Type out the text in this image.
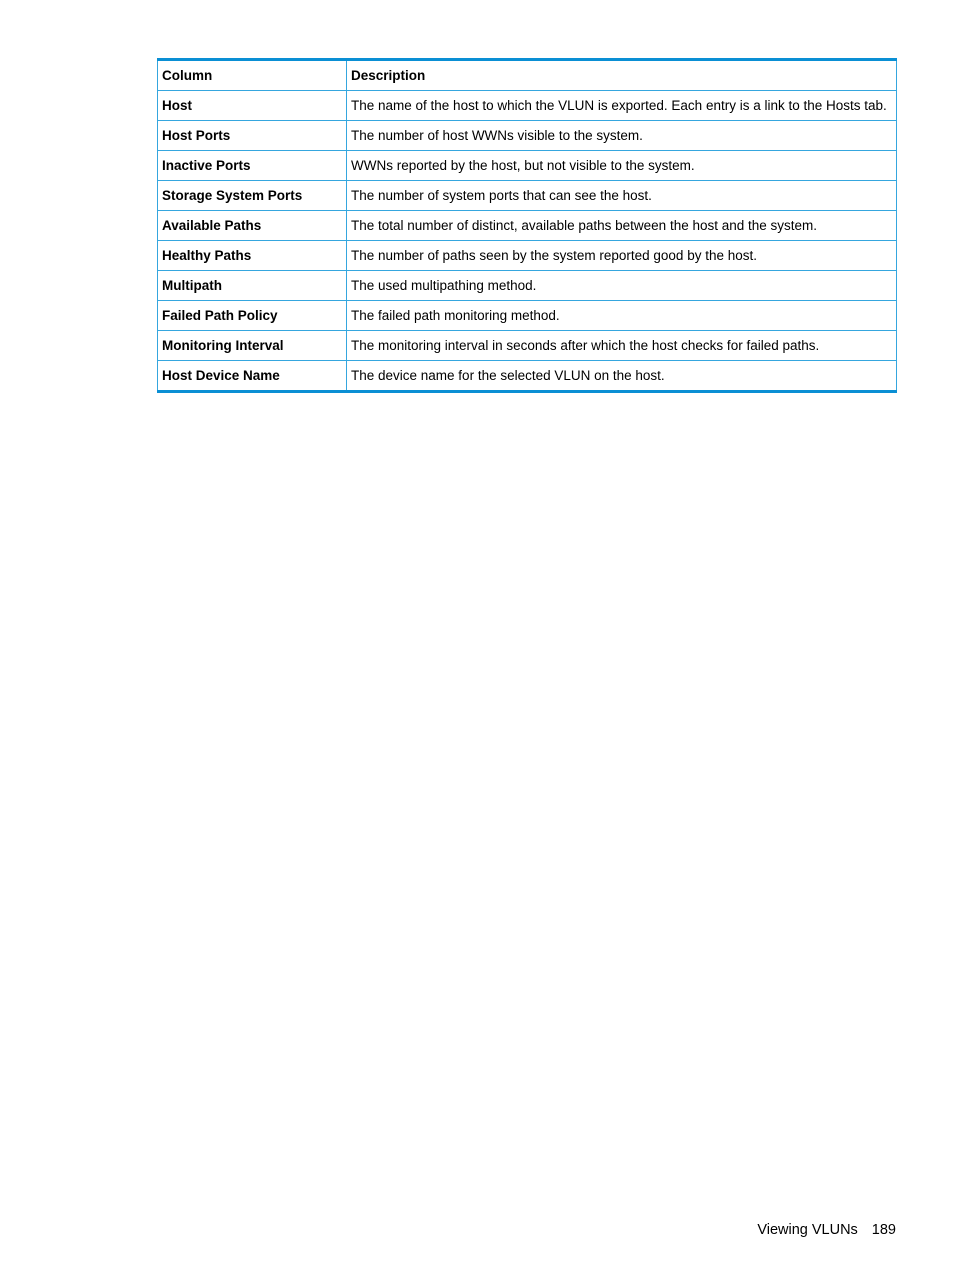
Column	Description
Host	The name of the host to which the VLUN is exported. Each entry is a link to the Hosts tab.
Host Ports	The number of host WWNs visible to the system.
Inactive Ports	WWNs reported by the host, but not visible to the system.
Storage System Ports	The number of system ports that can see the host.
Available Paths	The total number of distinct, available paths between the host and the system.
Healthy Paths	The number of paths seen by the system reported good by the host.
Multipath	The used multipathing method.
Failed Path Policy	The failed path monitoring method.
Monitoring Interval	The monitoring interval in seconds after which the host checks for failed paths.
Host Device Name	The device name for the selected VLUN on the host.
Viewing VLUNs 189
